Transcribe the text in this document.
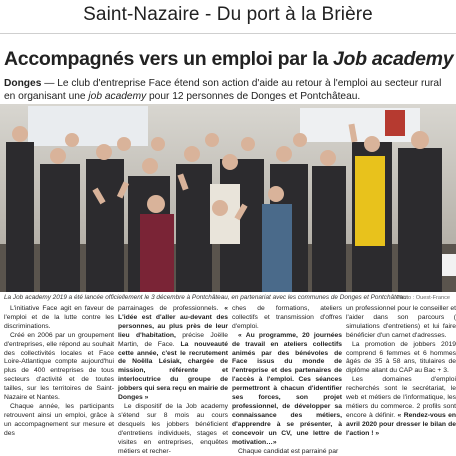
Saint-Nazaire - Du port à la Brière
Accompagnés vers un emploi par la Job academy
Donges — Le club d'entreprise Face étend son action d'aide au retour à l'emploi au secteur rural en organisant une job academy pour 12 personnes de Donges et Pontchâteau.
La Job academy 2019 a été lancée officiellement le 3 décembre à Pontchâteau, en partenariat avec les communes de Donges et Pontchâteau.
Photo : Ouest-France

L'initiative Face agit en faveur de l'emploi et de la lutte contre les discriminations.

Créé en 2006 par un groupement d'entreprises, elle répond au souhait des collectivités locales et Face Loire-Atlantique compte aujourd'hui plus de 400 entreprises de tous secteurs d'activité et de toutes tailles, sur les territoires de Saint-Nazaire et Nantes.

Chaque année, les participants retrouvent ainsi un emploi, grâce à un accompagnement sur mesure et des

parrainages de professionnels. « L'idée est d'aller au-devant des personnes, au plus près de leur lieu d'habitation, précise Joëlle Martin, de Face. La nouveauté cette année, c'est le recrutement de Noëlla Lésiak, chargée de mission, référente et interlocutrice du groupe de jobbers qui sera reçu en mairie de Donges »

Le dispositif de la Job academy s'étend sur 8 mois au cours desquels les jobbers bénéficient d'entretiens individuels, stages et visites en entreprises, enquêtes métiers et recher-

ches de formations, ateliers collectifs et transmission d'offres d'emploi.

« Au programme, 20 journées de travail en ateliers collectifs animés par des bénévoles de Face issus du monde de l'entreprise et des partenaires de l'accès à l'emploi. Ces séances permettront à chacun d'identifier ses forces, son projet professionnel, de développer sa connaissance des métiers, d'apprendre à se présenter, à concevoir un CV, une lettre de motivation…»

Chaque candidat est parrainé par

un professionnel pour le conseiller et l'aider dans son parcours ( simulations d'entretiens) et lui faire bénéficier d'un carnet d'adresses.

La promotion de jobbers 2019 comprend 6 femmes et 6 hommes âgés de 35 à 58 ans, titulaires de diplôme allant du CAP au Bac + 3.

Les domaines d'emploi recherchés sont le secrétariat, le web et métiers de l'informatique, les métiers du commerce. 2 profils sont encore à définir. « Rendez-vous en avril 2020 pour dresser le bilan de l'action ! »
